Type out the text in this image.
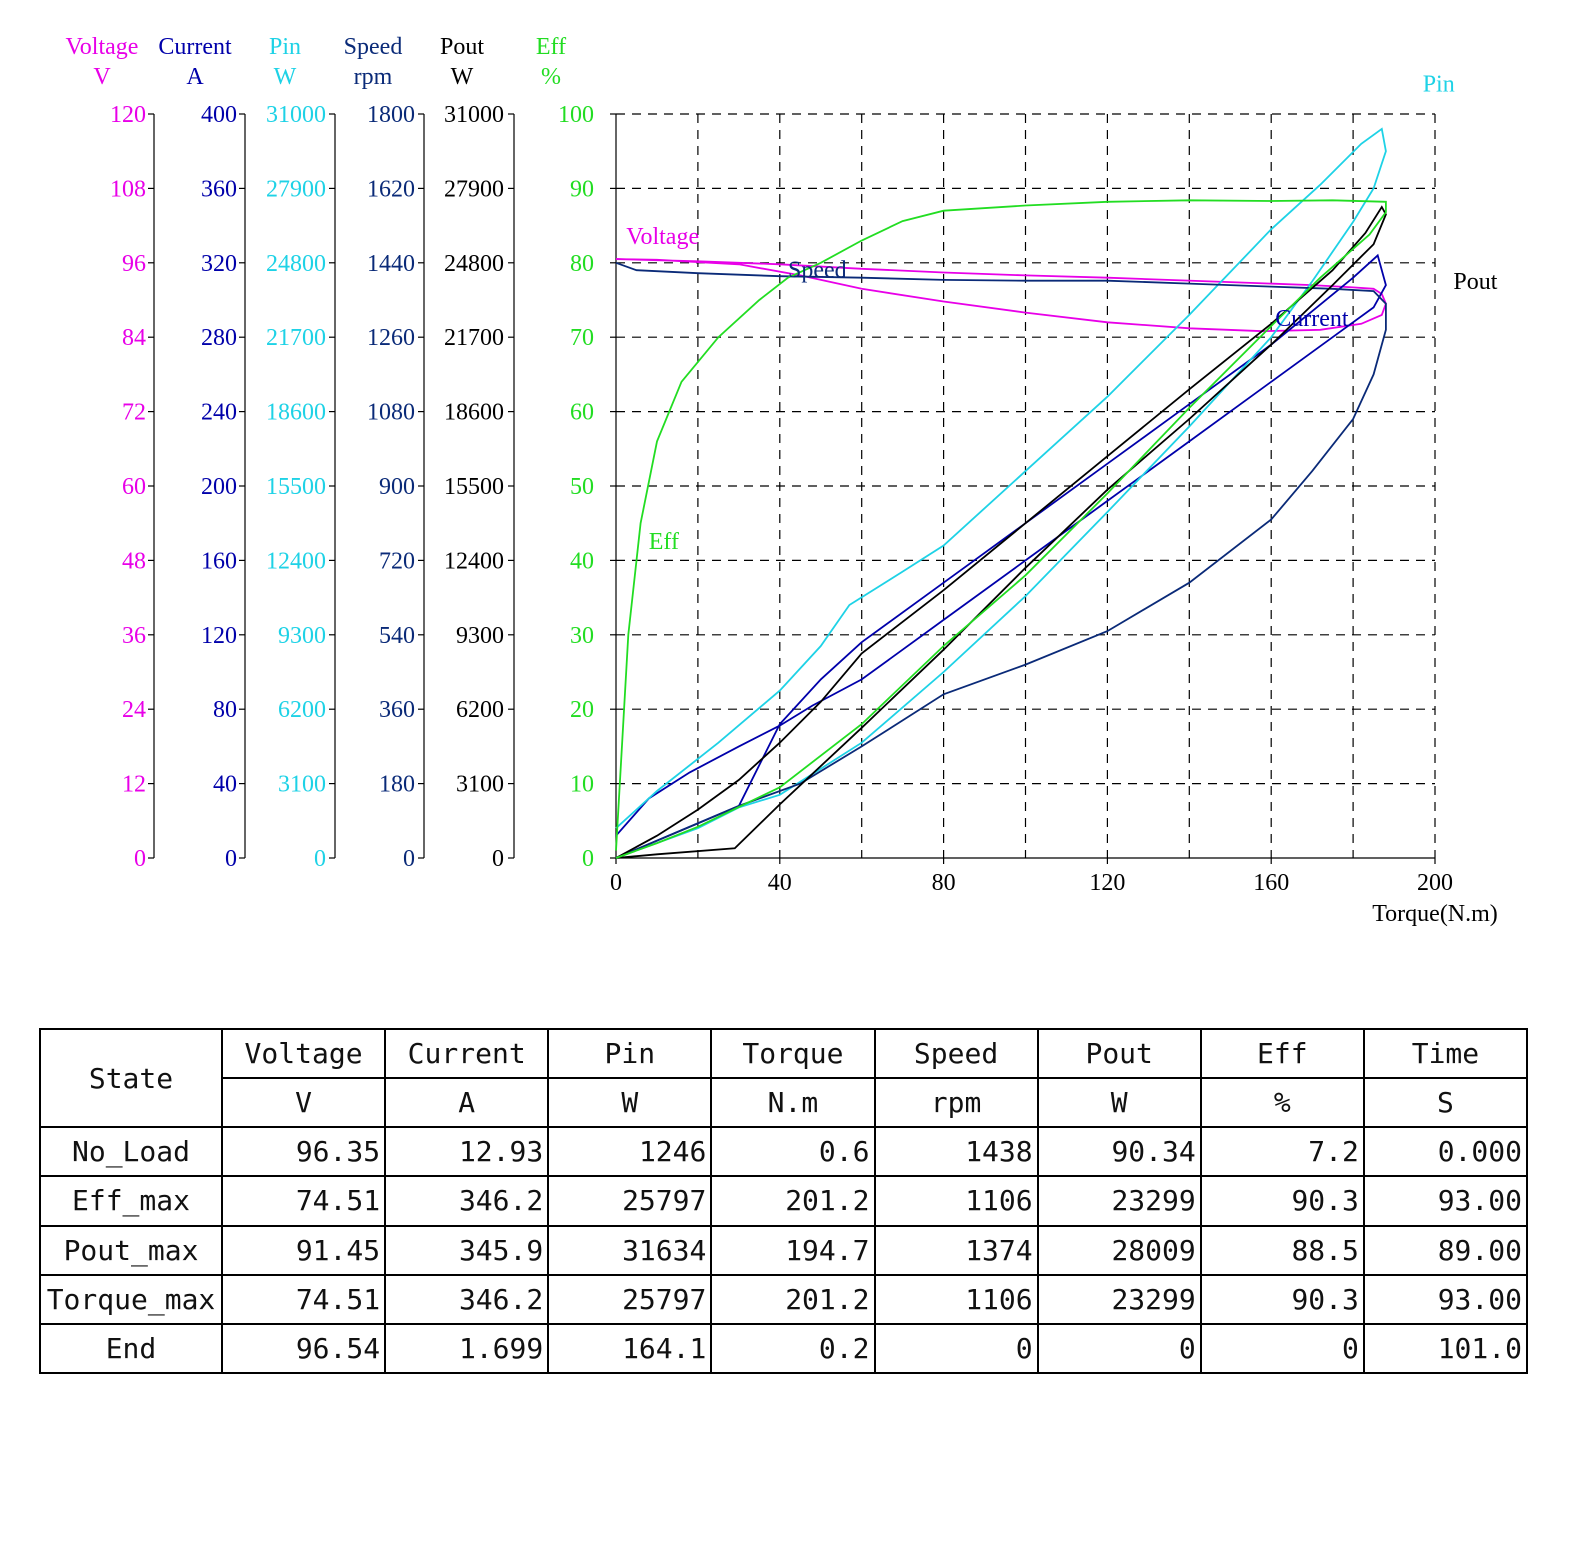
Voltage
V
0
12
24
36
48
60
72
84
96
108
120
Current
A
0
40
80
120
160
200
240
280
320
360
400
Pin
W
0
3100
6200
9300
12400
15500
18600
21700
24800
27900
31000
Speed
rpm
0
180
360
540
720
900
1080
1260
1440
1620
1800
Pout
W
0
3100
6200
9300
12400
15500
18600
21700
24800
27900
31000
Eff
%
0
10
20
30
40
50
60
70
80
90
100
0	40	80	120	160	200
Torque(N.m)
Voltage
Current
Pin
Speed	Pout
Eff
State	Voltage	Current	Pin	Torque	Speed	Pout	Eff	Time
	V	A	W	N.m	rpm	W	%	S
No_Load	96.35	12.93	1246	0.6	1438	90.34	7.2	0.000
Eff_max	74.51	346.2	25797	201.2	1106	23299	90.3	93.00
Pout_max	91.45	345.9	31634	194.7	1374	28009	88.5	89.00
Torque_max	74.51	346.2	25797	201.2	1106	23299	90.3	93.00
End	96.54	1.699	164.1	0.2	0	0	0	101.0
